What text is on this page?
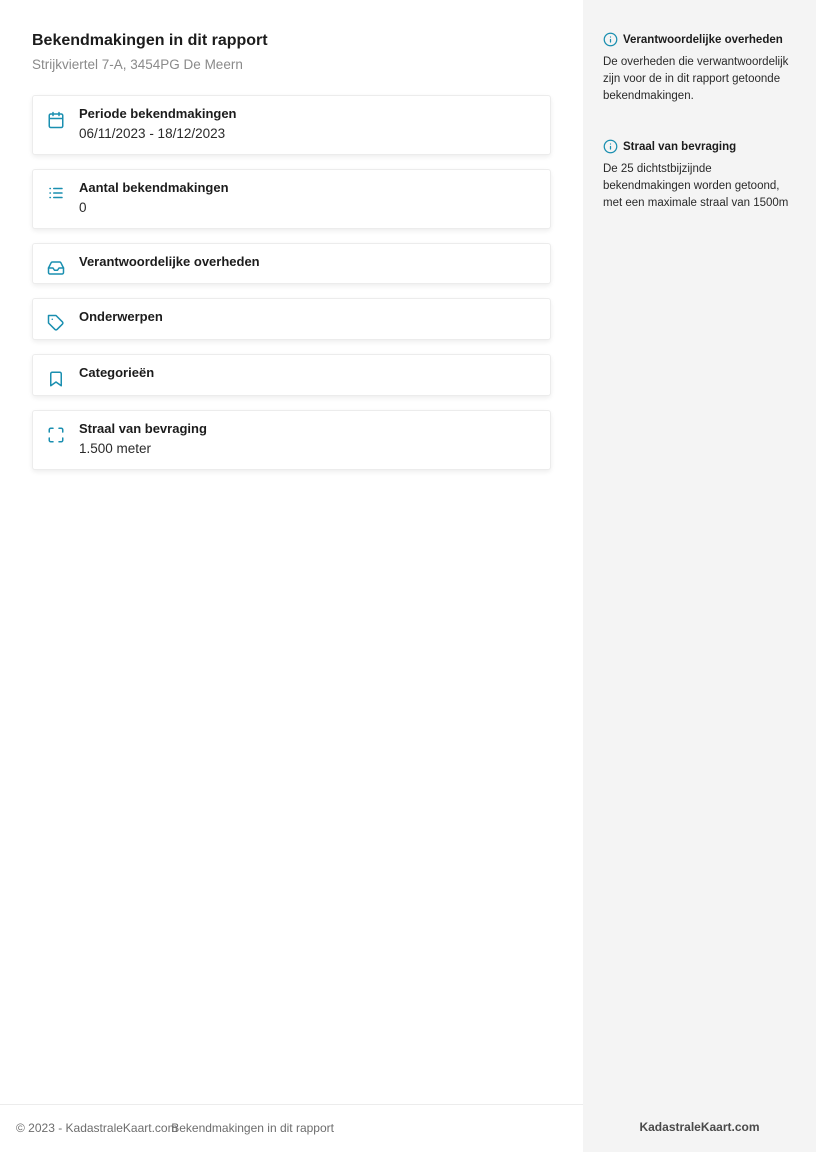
Bekendmakingen in dit rapport
Strijkviertel 7-A, 3454PG De Meern
Periode bekendmakingen
06/11/2023 - 18/12/2023
Aantal bekendmakingen
0
Verantwoordelijke overheden
Onderwerpen
Categorieën
Straal van bevraging
1.500 meter
© 2023 - KadastraleKaart.com
Bekendmakingen in dit rapport
Verantwoordelijke overheden
De overheden die verwantwoordelijk zijn voor de in dit rapport getoonde bekendmakingen.
Straal van bevraging
De 25 dichtstbijzijnde bekendmakingen worden getoond, met een maximale straal van 1500m
KadastraleKaart.com
